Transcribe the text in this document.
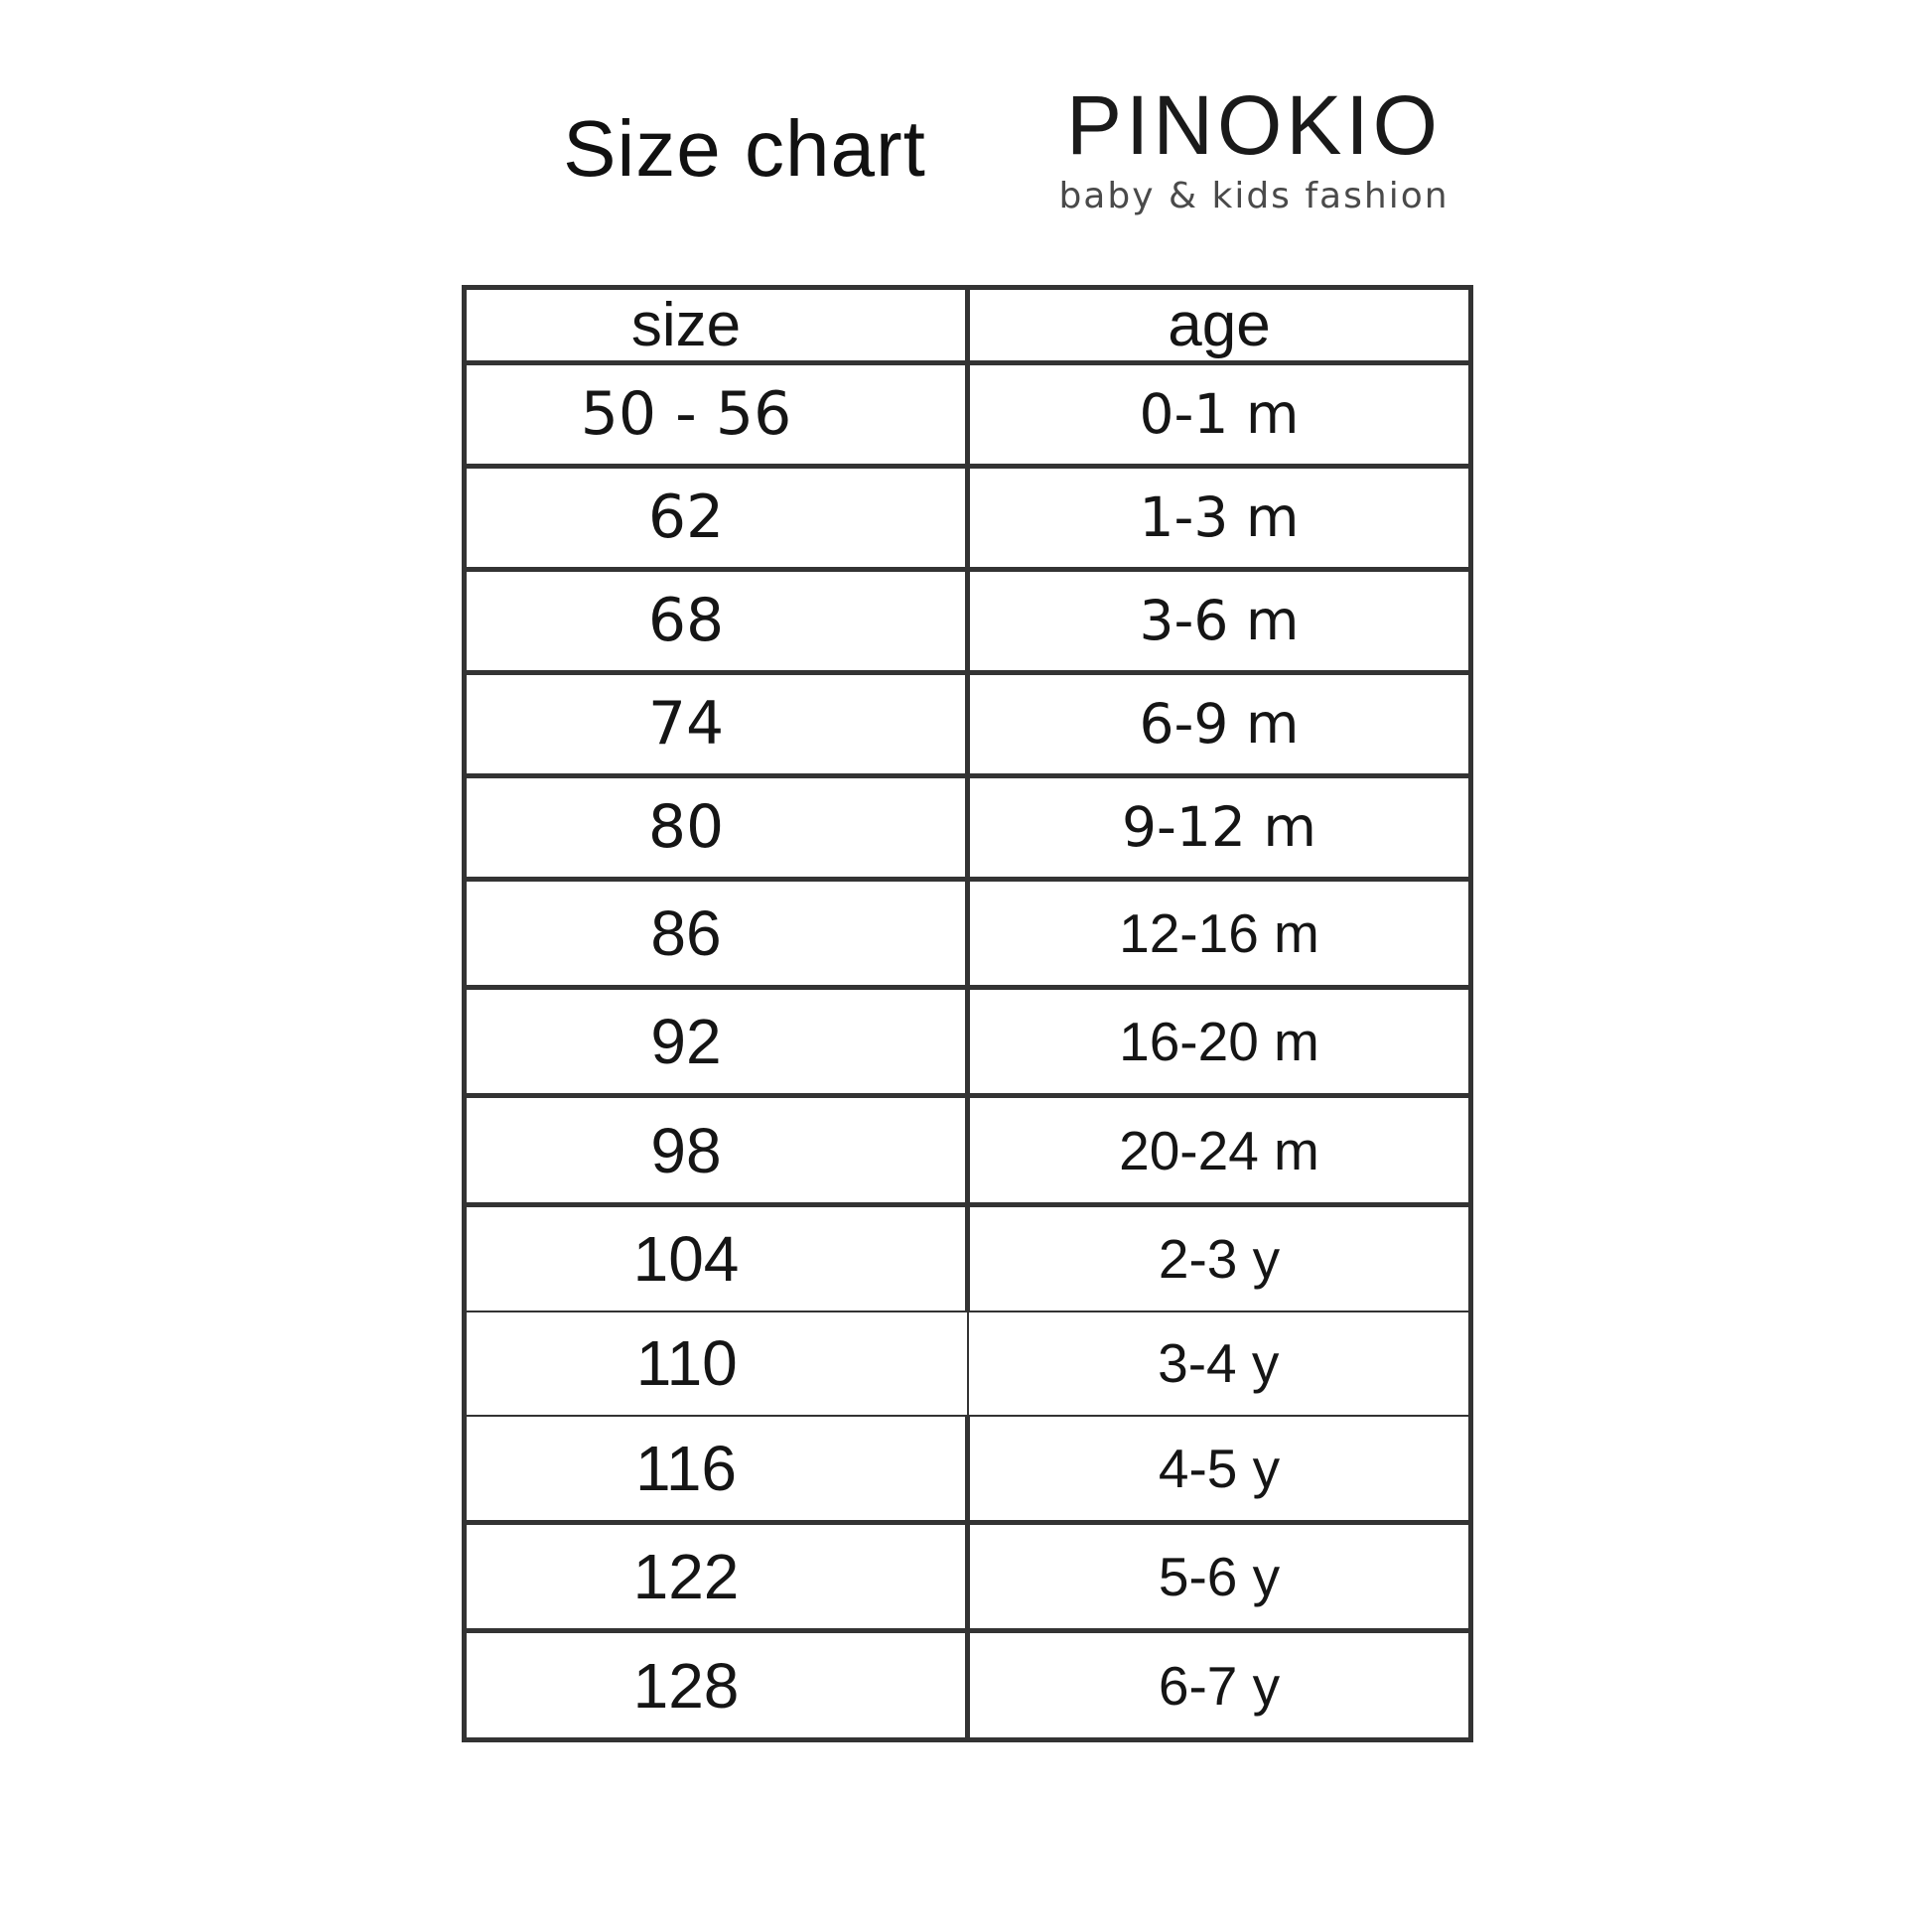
Size chart	PINOKIO
baby & kids fashion
size	age
50 - 56	0-1 m
62	1-3 m
68	3-6 m
74	6-9 m
80	9-12 m
86	12-16 m
92	16-20 m
98	20-24 m
104	2-3 y
110	3-4 y
116	4-5 y
122	5-6 y
128	6-7 y
